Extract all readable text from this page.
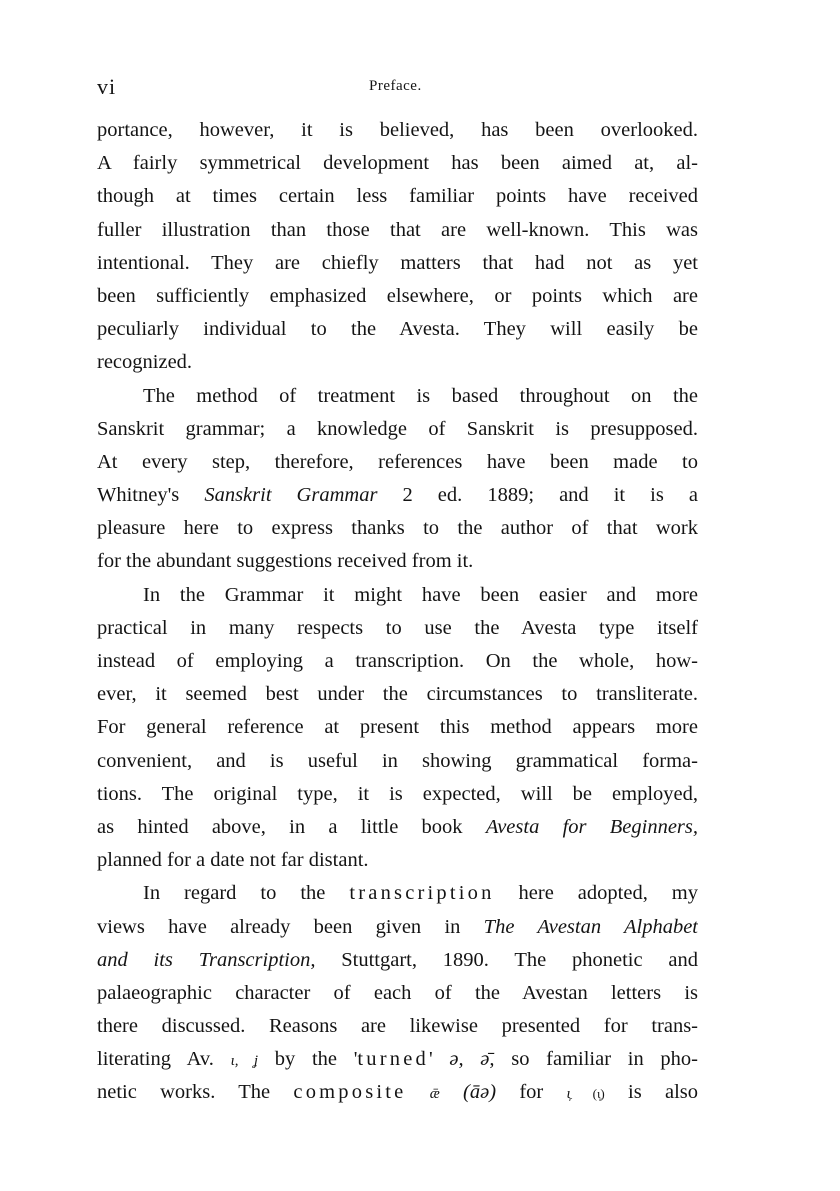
vi	Preface.
portance, however, it is believed, has been overlooked.
A fairly symmetrical development has been aimed at, al-
though at times certain less familiar points have received
fuller illustration than those that are well-known. This was
intentional. They are chiefly matters that had not as yet
been sufficiently emphasized elsewhere, or points which are
peculiarly individual to the Avesta. They will easily be
recognized.
The method of treatment is based throughout on the
Sanskrit grammar; a knowledge of Sanskrit is presupposed.
At every step, therefore, references have been made to
Whitney's Sanskrit Grammar 2 ed. 1889; and it is a
pleasure here to express thanks to the author of that work
for the abundant suggestions received from it.
In the Grammar it might have been easier and more
practical in many respects to use the Avesta type itself
instead of employing a transcription. On the whole, how-
ever, it seemed best under the circumstances to transliterate.
For general reference at present this method appears more
convenient, and is useful in showing grammatical forma-
tions. The original type, it is expected, will be employed,
as hinted above, in a little book Avesta for Beginners,
planned for a date not far distant.
In regard to the transcription here adopted, my
views have already been given in The Avestan Alphabet
and its Transcription, Stuttgart, 1890. The phonetic and
palaeographic character of each of the Avestan letters is
there discussed. Reasons are likewise presented for trans-
literating Av. ɩ, ʝ by the 'turned' ə, ə̄, so familiar in pho-
netic works. The composite ǣ (āə) for ɩ᷊ (ɩ᷊) is also
